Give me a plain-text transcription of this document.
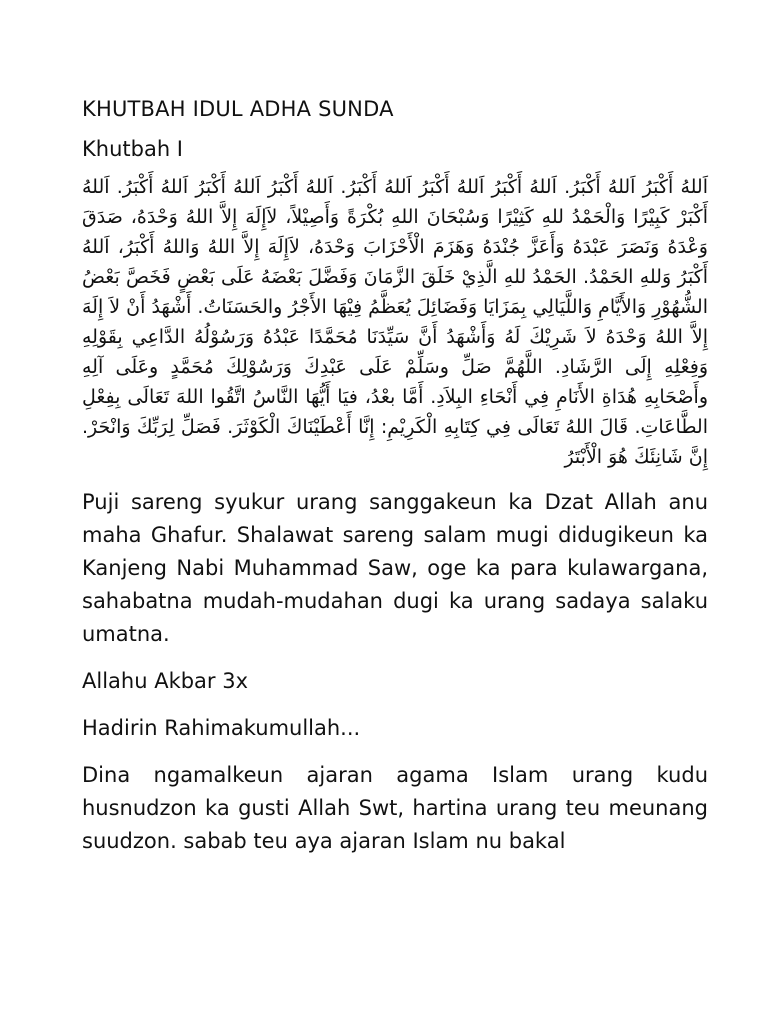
KHUTBAH IDUL ADHA SUNDA
Khutbah I

اَللهُ أَكْبَرُ اَللهُ أَكْبَرُ. اَللهُ أَكْبَرُ اَللهُ أَكْبَرُ اَللهُ أَكْبَرُ. اَللهُ أَكْبَرُ اَللهُ أَكْبَرُ اَللهُ أَكْبَرُ. اَللهُ أَكْبَرْ كَبِيْرًا وَالْحَمْدُ للهِ كَثِيْرًا وَسُبْحَانَ اللهِ بُكْرَةً وَأَصِيْلاً، لاَإِلَهَ إِلاَّ اللهُ وَحْدَهُ، صَدَقَ وَعْدَهُ وَنَصَرَ عَبْدَهُ وَأَعَزَّ جُنْدَهُ وَهَزَمَ الْأَحْزَابَ وَحْدَهُ، لاَإِلَهَ إِلاَّ اللهُ وَاللهُ أَكْبَرُ، اَللهُ أَكْبَرُ وَللهِ الحَمْدُ. الحَمْدُ للهِ الَّذِيْ خَلَقَ الزَّمَانَ وَفَضَّلَ بَعْضَهُ عَلَى بَعْضٍ فَخَصَّ بَعْضُ الشُّهُوْرِ وَالأَيَّامِ وَاللَّيَالِي بِمَزَايَا وَفَضَائِلَ يُعَظَّمُ فِيْهَا الأَجْرُ والحَسَنَاتُ. أَشْهَدُ أَنْ لاَ إِلَهَ إِلاَّ اللهُ وَحْدَهُ لاَ شَرِيْكَ لَهُ وَأَشْهَدُ أَنَّ سَيِّدَنَا مُحَمَّدًا عَبْدُهُ وَرَسُوْلُهُ الدَّاعِي بِقَوْلِهِ وَفِعْلِهِ إِلَى الرَّشَادِ. اللَّهُمَّ صَلِّ وسَلِّمْ عَلَى عَبْدِكَ وَرَسُوْلِكَ مُحَمَّدٍ وعَلَى آلِهِ وأَصْحَابِهِ هُدَاةِ الأَنَامِ فِي أَنْحَاءِ البِلاَدِ. أَمَّا بعْدُ، فيَا أَيُّهَا النَّاسُ اتَّقُوا اللهَ تَعَالَى بِفِعْلِ الطَّاعَاتِ. قَالَ اللهُ تَعَالَى فِي كِتَابِهِ الْكَرِيْمِ: إِنَّا أَعْطَيْنَاكَ الْكَوْثَرَ. فَصَلِّ لِرَبِّكَ وَانْحَرْ. إِنَّ شَانِئَكَ هُوَ الْأَبْتَرُ

Puji sareng syukur urang sanggakeun ka Dzat Allah anu maha Ghafur. Shalawat sareng salam mugi didugikeun ka Kanjeng Nabi Muhammad Saw, oge ka para kulawargana, sahabatna mudah-mudahan dugi ka urang sadaya salaku umatna.

Allahu Akbar 3x

Hadirin Rahimakumullah...

Dina ngamalkeun ajaran agama Islam urang kudu husnudzon ka gusti Allah Swt, hartina urang teu meunang suudzon. sabab teu aya ajaran Islam nu bakal
